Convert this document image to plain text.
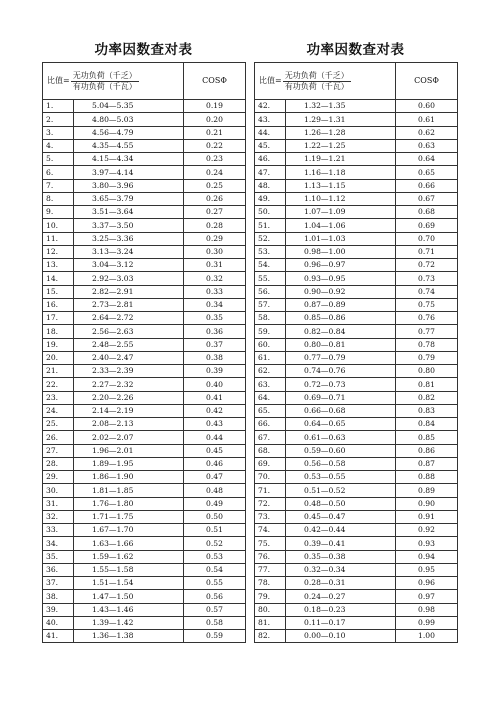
功率因数查对表
比值= $\frac{\text{无功负荷（千乏）}}{\text{有功负荷（千瓦）}}$		COSΦ
1.	5.04—5.35	0.19
2.	4.80—5.03	0.20
3.	4.56—4.79	0.21
4.	4.35—4.55	0.22
5.	4.15—4.34	0.23
6.	3.97—4.14	0.24
7.	3.80—3.96	0.25
8.	3.65—3.79	0.26
9.	3.51—3.64	0.27
10.	3.37—3.50	0.28
11.	3.25—3.36	0.29
12.	3.13—3.24	0.30
13.	3.04—3.12	0.31
14.	2.92—3.03	0.32
15.	2.82—2.91	0.33
16.	2.73—2.81	0.34
17.	2.64—2.72	0.35
18.	2.56—2.63	0.36
19.	2.48—2.55	0.37
20.	2.40—2.47	0.38
21.	2.33—2.39	0.39
22.	2.27—2.32	0.40
23.	2.20—2.26	0.41
24.	2.14—2.19	0.42
25.	2.08—2.13	0.43
26.	2.02—2.07	0.44
27.	1.96—2.01	0.45
28.	1.89—1.95	0.46
29.	1.86—1.90	0.47
30.	1.81—1.85	0.48
31.	1.76—1.80	0.49
32.	1.71—1.75	0.50
33.	1.67—1.70	0.51
34.	1.63—1.66	0.52
35.	1.59—1.62	0.53
36.	1.55—1.58	0.54
37.	1.51—1.54	0.55
38.	1.47—1.50	0.56
39.	1.43—1.46	0.57
40.	1.39—1.42	0.58
41.	1.36—1.38	0.59
功率因数查对表
比值= $\frac{\text{无功负荷（千乏）}}{\text{有功负荷（千瓦）}}$		COSΦ
42.	1.32—1.35	0.60
43.	1.29—1.31	0.61
44.	1.26—1.28	0.62
45.	1.22—1.25	0.63
46.	1.19—1.21	0.64
47.	1.16—1.18	0.65
48.	1.13—1.15	0.66
49.	1.10—1.12	0.67
50.	1.07—1.09	0.68
51.	1.04—1.06	0.69
52.	1.01—1.03	0.70
53.	0.98—1.00	0.71
54.	0.96—0.97	0.72
55.	0.93—0.95	0.73
56.	0.90—0.92	0.74
57.	0.87—0.89	0.75
58.	0.85—0.86	0.76
59.	0.82—0.84	0.77
60.	0.80—0.81	0.78
61.	0.77—0.79	0.79
62.	0.74—0.76	0.80
63.	0.72—0.73	0.81
64.	0.69—0.71	0.82
65.	0.66—0.68	0.83
66.	0.64—0.65	0.84
67.	0.61—0.63	0.85
68.	0.59—0.60	0.86
69.	0.56—0.58	0.87
70.	0.53—0.55	0.88
71.	0.51—0.52	0.89
72.	0.48—0.50	0.90
73.	0.45—0.47	0.91
74.	0.42—0.44	0.92
75.	0.39—0.41	0.93
76.	0.35—0.38	0.94
77.	0.32—0.34	0.95
78.	0.28—0.31	0.96
79.	0.24—0.27	0.97
80.	0.18—0.23	0.98
81.	0.11—0.17	0.99
82.	0.00—0.10	1.00
